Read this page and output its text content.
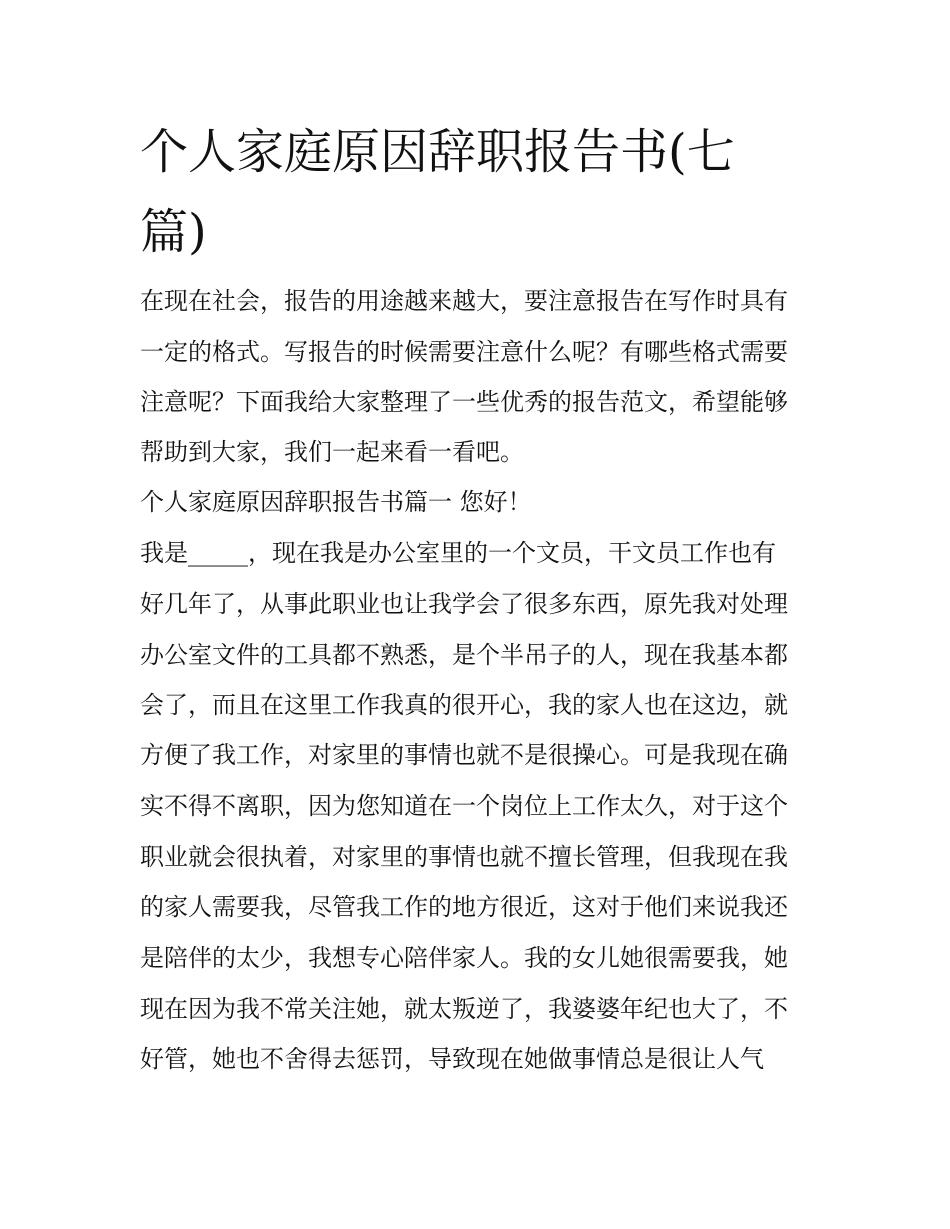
个人家庭原因辞职报告书(七
篇)

在现在社会，报告的用途越来越大，要注意报告在写作时具有

一定的格式。写报告的时候需要注意什么呢？有哪些格式需要

注意呢？下面我给大家整理了一些优秀的报告范文，希望能够

帮助到大家，我们一起来看一看吧。

个人家庭原因辞职报告书篇一 您好！

我是_____，现在我是办公室里的一个文员，干文员工作也有

好几年了，从事此职业也让我学会了很多东西，原先我对处理

办公室文件的工具都不熟悉，是个半吊子的人，现在我基本都

会了，而且在这里工作我真的很开心，我的家人也在这边，就

方便了我工作，对家里的事情也就不是很操心。可是我现在确

实不得不离职，因为您知道在一个岗位上工作太久，对于这个

职业就会很执着，对家里的事情也就不擅长管理，但我现在我

的家人需要我，尽管我工作的地方很近，这对于他们来说我还

是陪伴的太少，我想专心陪伴家人。我的女儿她很需要我，她

现在因为我不常关注她，就太叛逆了，我婆婆年纪也大了，不

好管，她也不舍得去惩罚，导致现在她做事情总是很让人气
